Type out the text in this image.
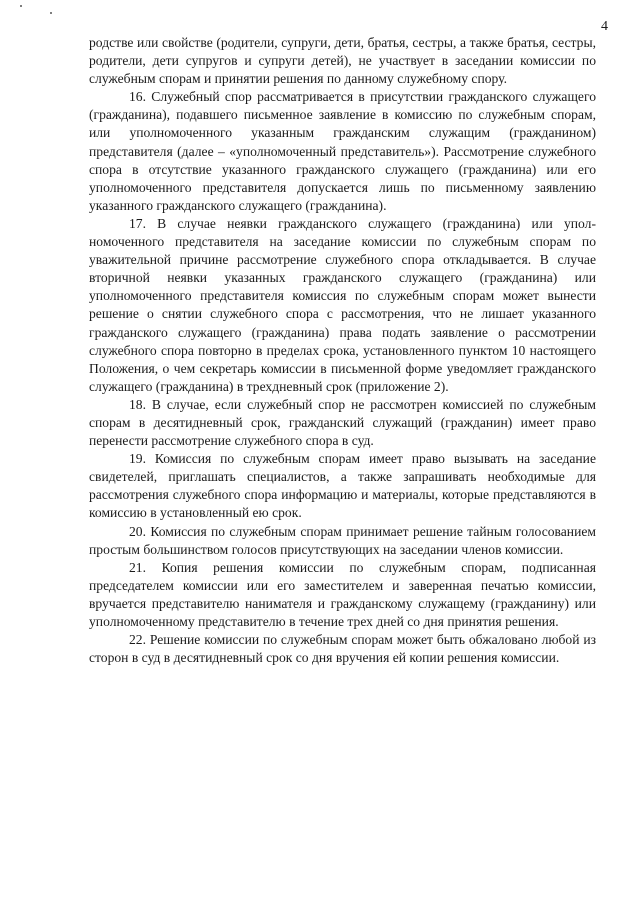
4

родстве или свойстве (родители, супруги, дети, братья, сестры, а также братья, сестры, родители, дети супругов и супруги детей), не участвует в заседании комиссии по служебным спорам и принятии решения по данному служебному спору.

16. Служебный спор рассматривается в присутствии гражданского служащего (гражданина), подавшего письменное заявление в комиссию по служебным спорам, или уполномоченного указанным гражданским служащим (гражданином) представителя (далее – «уполномоченный представитель»). Рассмотрение служебного спора в отсутствие указанного гражданского служащего (гражданина) или его уполномоченного представителя допускается лишь по письменному заявлению указанного гражданского служащего (гражданина).

17. В случае неявки гражданского служащего (гражданина) или уполномоченного представителя на заседание комиссии по служебным спорам по уважительной причине рассмотрение служебного спора откладывается. В случае вторичной неявки указанных гражданского служащего (гражданина) или уполномоченного представителя комиссия по служебным спорам может вынести решение о снятии служебного спора с рассмотрения, что не лишает указанного гражданского служащего (гражданина) права подать заявление о рассмотрении служебного спора повторно в пределах срока, установленного пунктом 10 настоящего Положения, о чем секретарь комиссии в письменной форме уведомляет гражданского служащего (гражданина) в трехдневный срок (приложение 2).

18. В случае, если служебный спор не рассмотрен комиссией по служебным спорам в десятидневный срок, гражданский служащий (гражданин) имеет право перенести рассмотрение служебного спора в суд.

19. Комиссия по служебным спорам имеет право вызывать на заседание свидетелей, приглашать специалистов, а также запрашивать необходимые для рассмотрения служебного спора информацию и материалы, которые представляются в комиссию в установленный ею срок.

20. Комиссия по служебным спорам принимает решение тайным голосованием простым большинством голосов присутствующих на заседании членов комиссии.

21. Копия решения комиссии по служебным спорам, подписанная председателем комиссии или его заместителем и заверенная печатью комиссии, вручается представителю нанимателя и гражданскому служащему (гражданину) или уполномоченному представителю в течение трех дней со дня принятия решения.

22. Решение комиссии по служебным спорам может быть обжаловано любой из сторон в суд в десятидневный срок со дня вручения ей копии решения комиссии.
